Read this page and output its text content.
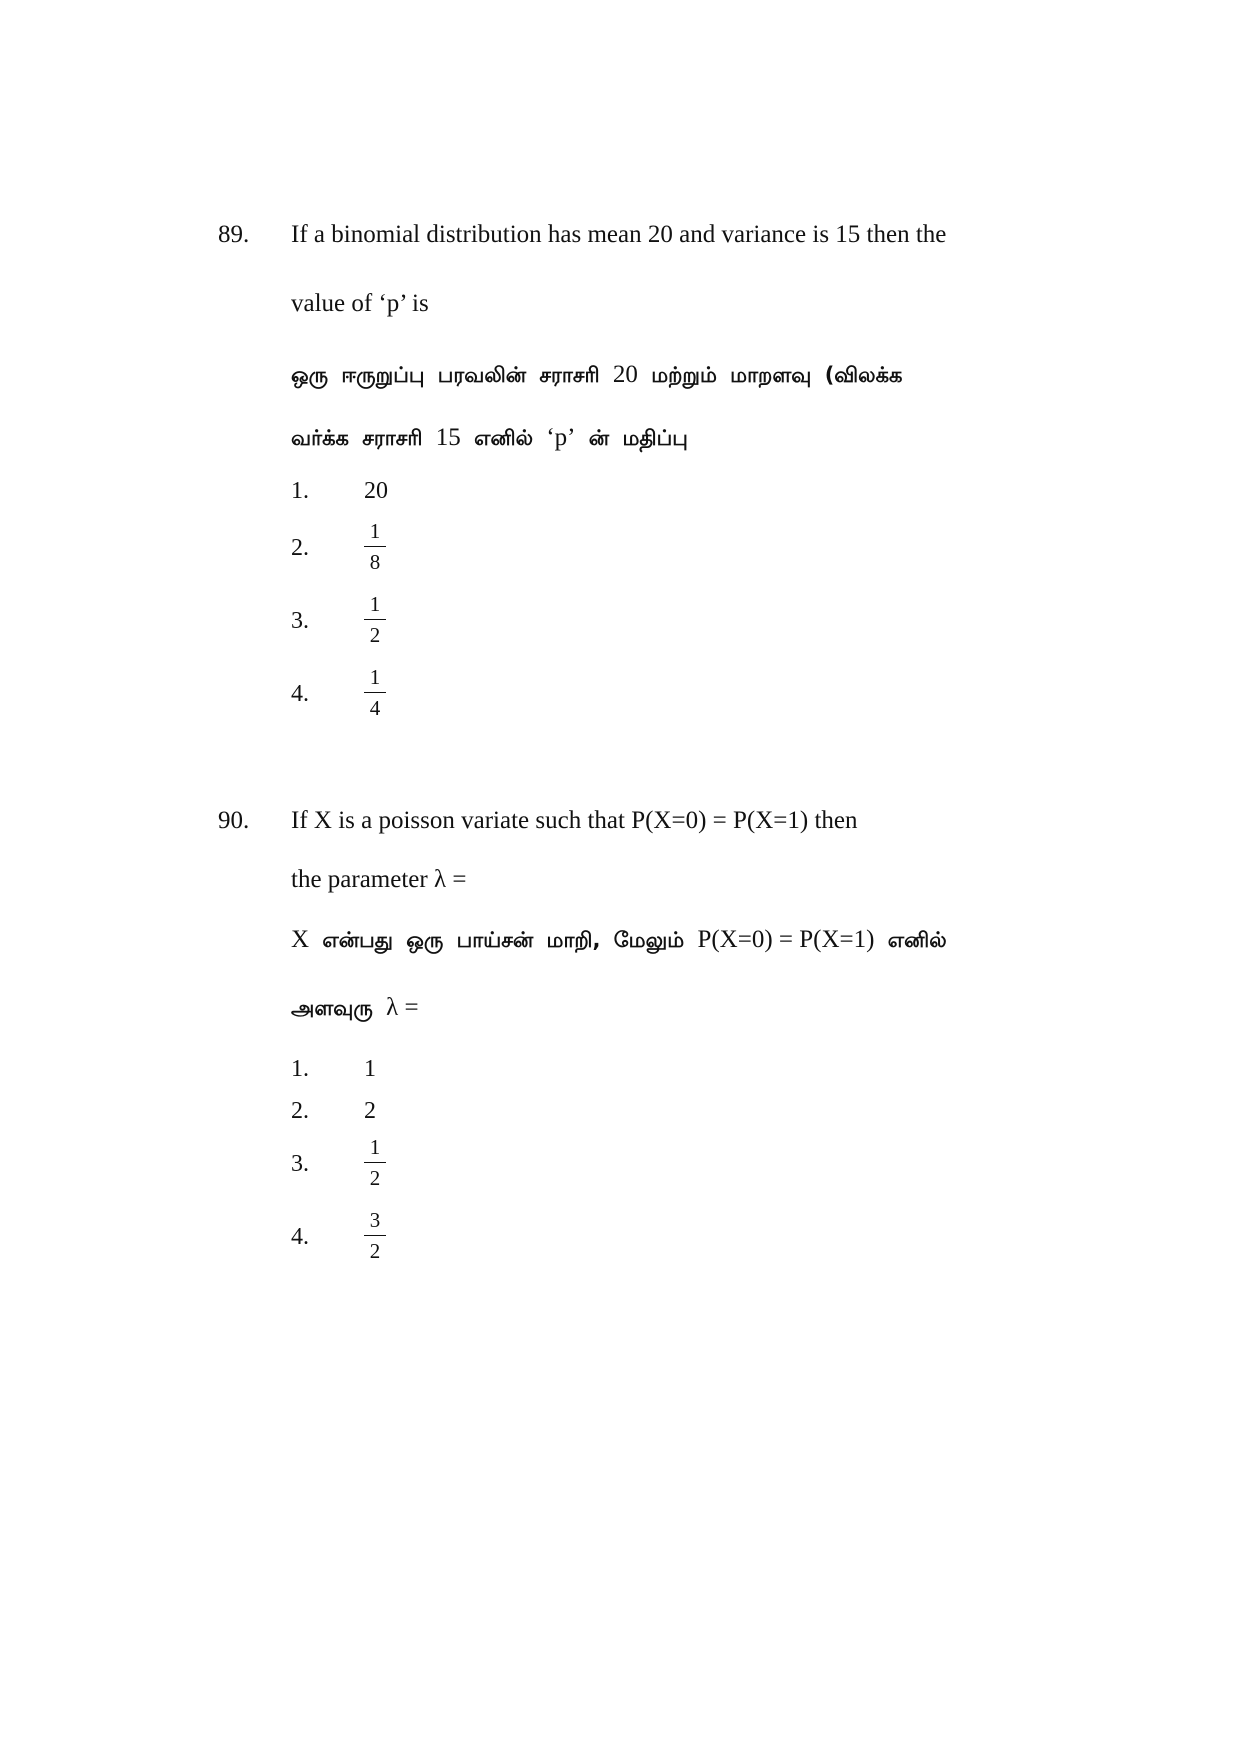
89. If a binomial distribution has mean 20 and variance is 15 then the
value of ‘p’ is
ஒரு ஈருறுப்பு பரவலின் சராசரி 20 மற்றும் மாறளவு (விலக்க
வர்க்க சராசரி 15 எனில் ‘p’ ன் மதிப்பு
1. 20
2.
1
8
3.
1
2
4.
1
4
90. If X is a poisson variate such that P(X=0) = P(X=1) then
the parameter λ =
X என்பது ஒரு பாய்சன் மாறி, மேலும் P(X=0) = P(X=1) எனில்
அளவுரு λ =
1. 1
2. 2
3.
1
2
4.
3
2
